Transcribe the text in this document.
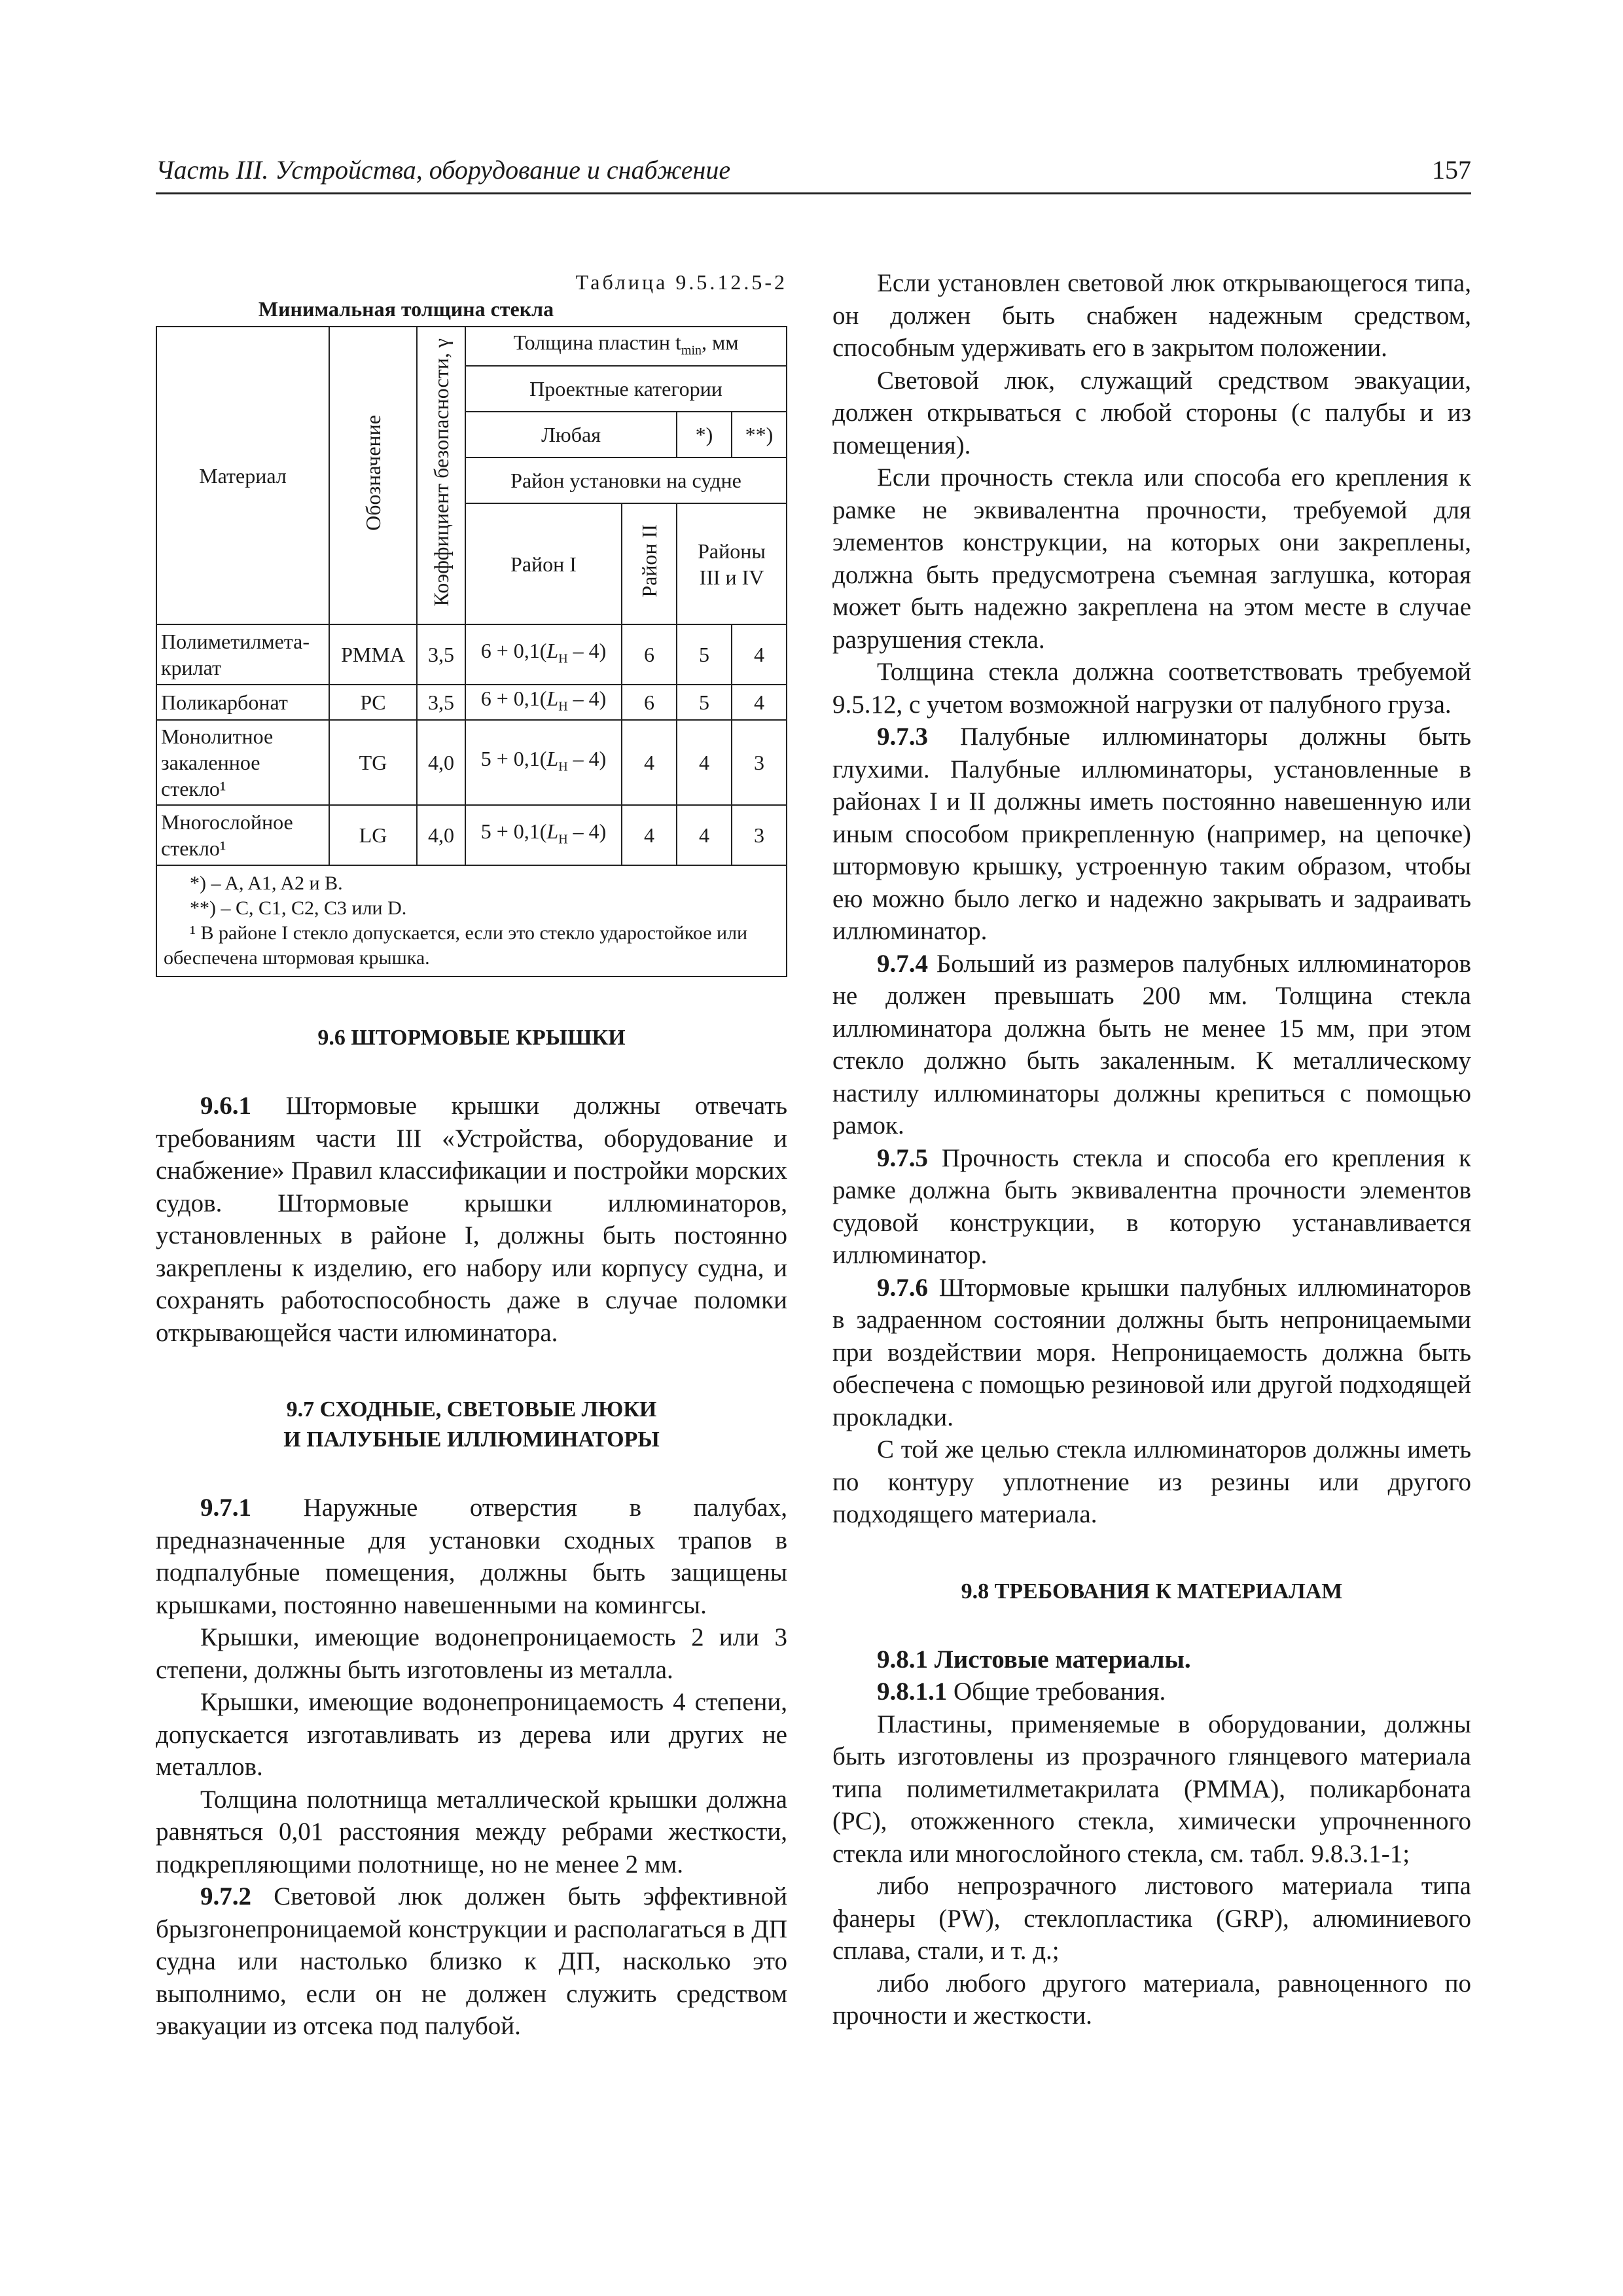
Часть III. Устройства, оборудование и снабжение	157
Таблица 9.5.12.5-2
Минимальная толщина стекла
Материал	Обозначение	Коэффициент безопасности, γ	Толщина пластин $t_{min}$, мм			
			Проектные категории			
			Любая		*)	**)
			Район установки на судне			
			Район I	Район II	Районы
III и IV	
Полиметилмета-крилат	PMMA	3,5	$6 + 0,1(L_H - 4)$	6	5	4
Поликарбонат	PC	3,5	$6 + 0,1(L_H - 4)$	6	5	4
Монолитное закаленное стекло¹	TG	4,0	$5 + 0,1(L_H - 4)$	4	4	3
Многослойное стекло¹	LG	4,0	$5 + 0,1(L_H - 4)$	4	4	3

*) – A, A1, A2 и B.
**) – C, C1, C2, C3 или D.
¹ В районе I стекло допускается, если это стекло ударостойкое или обеспечена штормовая крышка.						
9.6 ШТОРМОВЫЕ КРЫШКИ

9.6.1 Штормовые крышки должны отвечать требованиям части III «Устройства, оборудование и снабжение» Правил классификации и постройки морских судов. Штормовые крышки иллюминаторов, установленных в районе I, должны быть постоянно закреплены к изделию, его набору или корпусу судна, и сохранять работоспособность даже в случае поломки открывающейся части илюминатора.

9.7 СХОДНЫЕ, СВЕТОВЫЕ ЛЮКИ
И ПАЛУБНЫЕ ИЛЛЮМИНАТОРЫ

9.7.1 Наружные отверстия в палубах, предназначенные для установки сходных трапов в подпалубные помещения, должны быть защищены крышками, постоянно навешенными на комингсы.

Крышки, имеющие водонепроницаемость 2 или 3 степени, должны быть изготовлены из металла.

Крышки, имеющие водонепроницаемость 4 степени, допускается изготавливать из дерева или других не металлов.

Толщина полотнища металлической крышки должна равняться 0,01 расстояния между ребрами жесткости, подкрепляющими полотнище, но не менее 2 мм.

9.7.2 Световой люк должен быть эффективной брызгонепроницаемой конструкции и располагаться в ДП судна или настолько близко к ДП, насколько это выполнимо, если он не должен служить средством эвакуации из отсека под палубой.

Если установлен световой люк открывающегося типа, он должен быть снабжен надежным средством, способным удерживать его в закрытом положении.

Световой люк, служащий средством эвакуации, должен открываться с любой стороны (с палубы и из помещения).

Если прочность стекла или способа его крепления к рамке не эквивалентна прочности, требуемой для элементов конструкции, на которых они закреплены, должна быть предусмотрена съемная заглушка, которая может быть надежно закреплена на этом месте в случае разрушения стекла.

Толщина стекла должна соответствовать требуемой 9.5.12, с учетом возможной нагрузки от палубного груза.

9.7.3 Палубные иллюминаторы должны быть глухими. Палубные иллюминаторы, установленные в районах I и II должны иметь постоянно навешенную или иным способом прикрепленную (например, на цепочке) штормовую крышку, устроенную таким образом, чтобы ею можно было легко и надежно закрывать и задраивать иллюминатор.

9.7.4 Больший из размеров палубных иллюминаторов не должен превышать 200 мм. Толщина стекла иллюминатора должна быть не менее 15 мм, при этом стекло должно быть закаленным. К металлическому настилу иллюминаторы должны крепиться с помощью рамок.

9.7.5 Прочность стекла и способа его крепления к рамке должна быть эквивалентна прочности элементов судовой конструкции, в которую устанавливается иллюминатор.

9.7.6 Штормовые крышки палубных иллюминаторов в задраенном состоянии должны быть непроницаемыми при воздействии моря. Непроницаемость должна быть обеспечена с помощью резиновой или другой подходящей прокладки.

С той же целью стекла иллюминаторов должны иметь по контуру уплотнение из резины или другого подходящего материала.

9.8 ТРЕБОВАНИЯ К МАТЕРИАЛАМ

9.8.1 Листовые материалы.

9.8.1.1 Общие требования.

Пластины, применяемые в оборудовании, должны быть изготовлены из прозрачного глянцевого материала типа полиметилметакрилата (PMMA), поликарбоната (PC), отожженного стекла, химически упрочненного стекла или многослойного стекла, см. табл. 9.8.3.1-1;

либо непрозрачного листового материала типа фанеры (PW), стеклопластика (GRP), алюминиевого сплава, стали, и т. д.;

либо любого другого материала, равноценного по прочности и жесткости.
